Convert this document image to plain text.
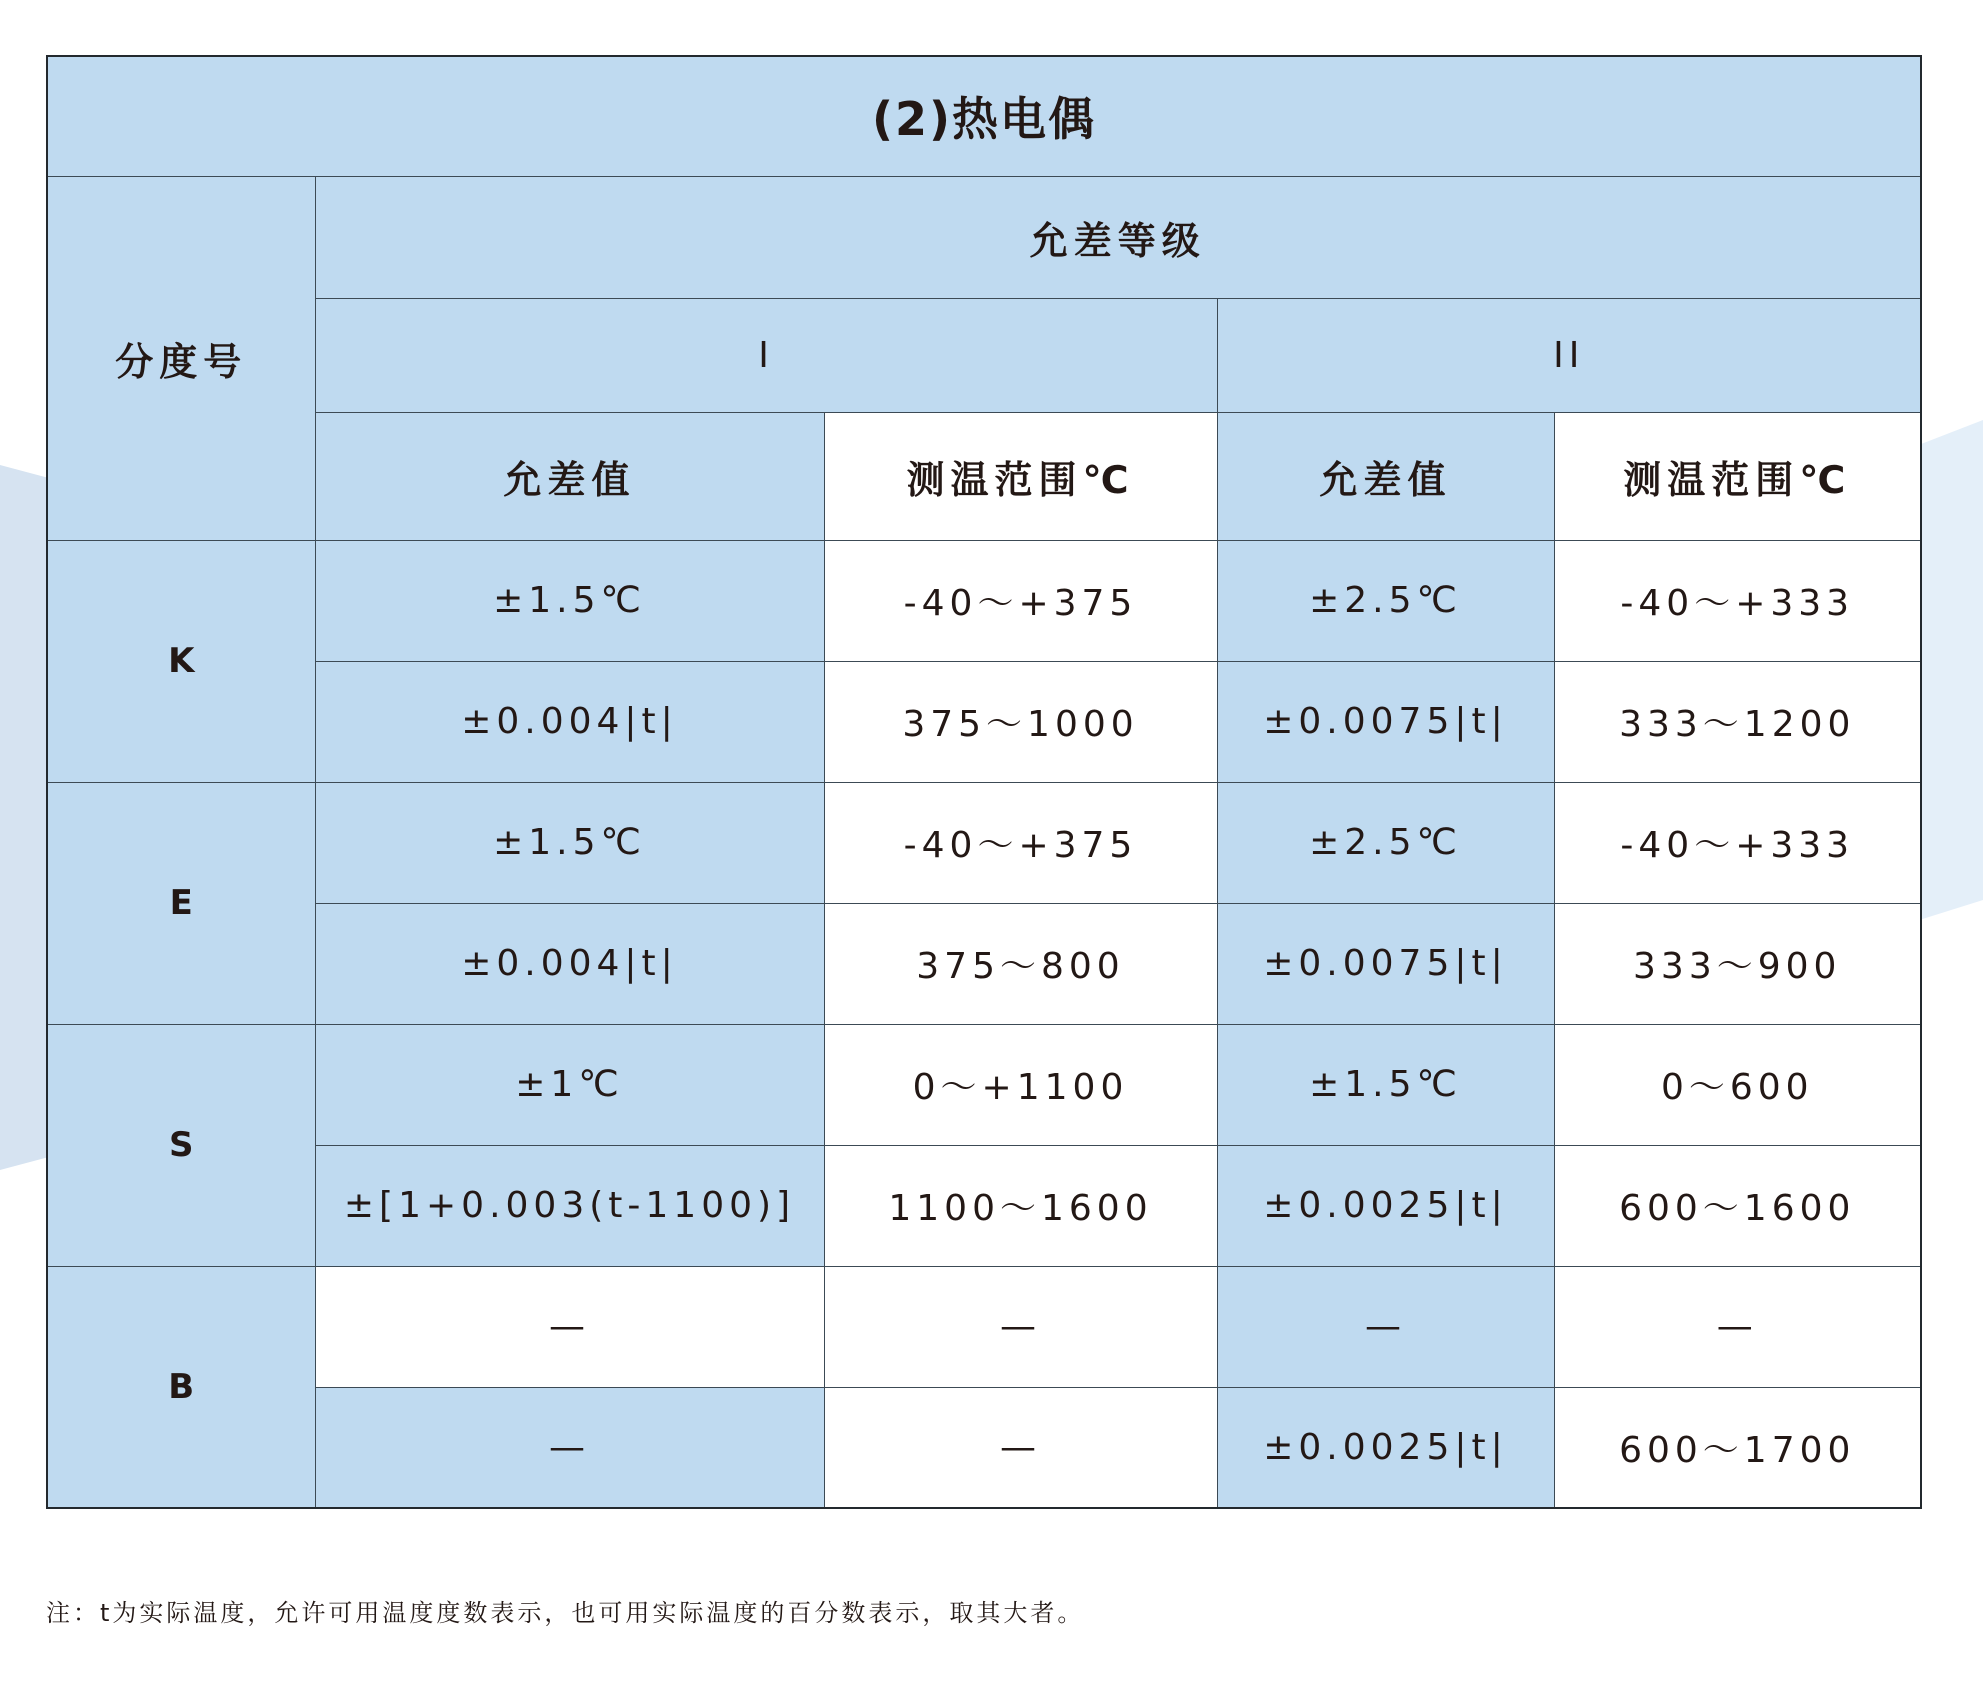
(2)热电偶				
分度号	允差等级			
	I		II	
	允差值	测温范围℃	允差值	测温范围℃
K	±1.5℃	-40～+375	±2.5℃	-40～+333
	±0.004|t|	375～1000	±0.0075|t|	333～1200
E	±1.5℃	-40～+375	±2.5℃	-40～+333
	±0.004|t|	375～800	±0.0075|t|	333～900
S	±1℃	0～+1100	±1.5℃	0～600
	±[1+0.003(t-1100)]	1100～1600	±0.0025|t|	600～1600
B	—	—	—	—
	—	—	±0.0025|t|	600～1700
注：t为实际温度，允许可用温度度数表示，也可用实际温度的百分数表示，取其大者。
